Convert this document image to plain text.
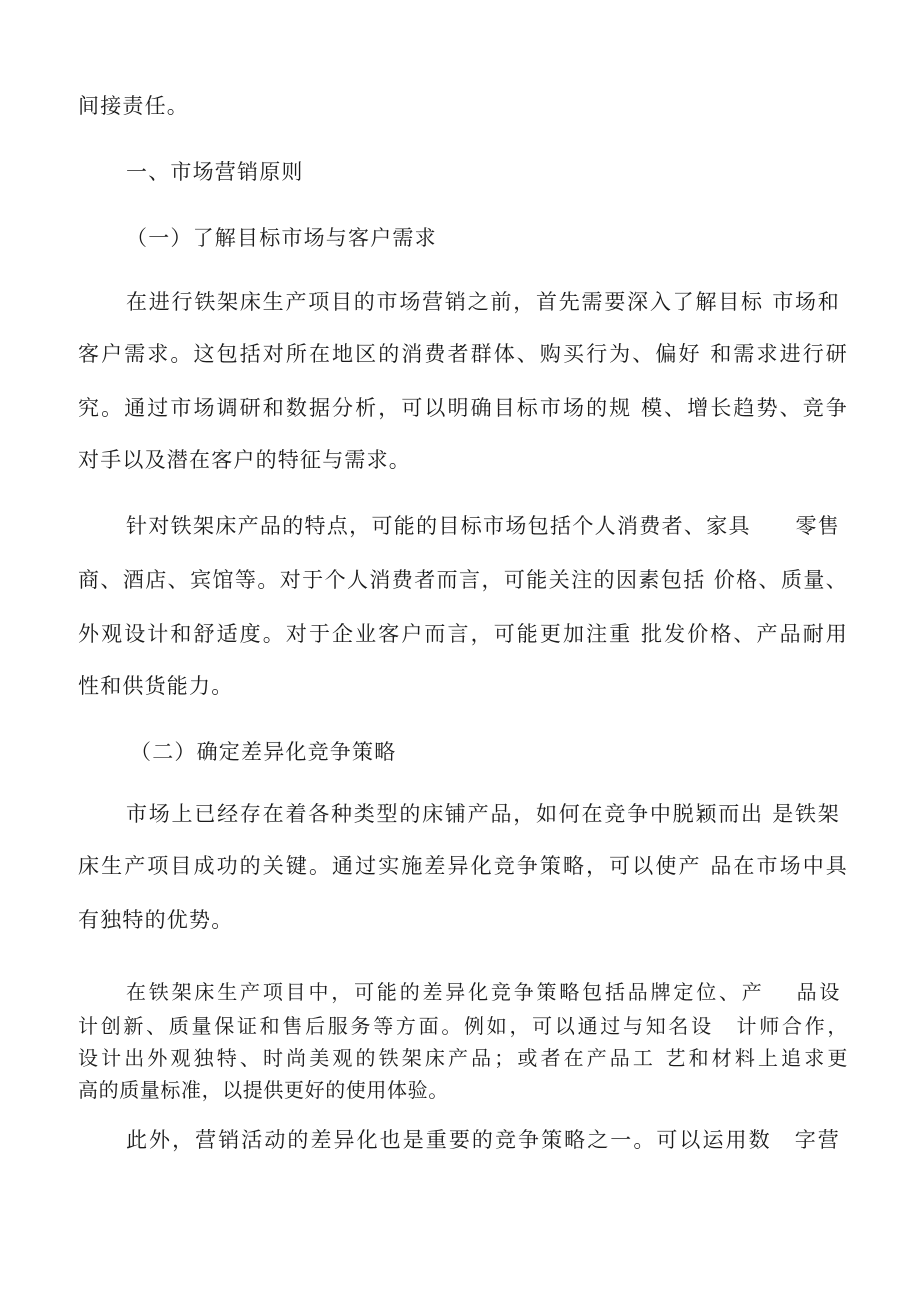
间接责任。
一、市场营销原则
（一）了解目标市场与客户需求
在进行铁架床生产项目的市场营销之前，首先需要深入了解目标 市场和
客户需求。这包括对所在地区的消费者群体、购买行为、偏好 和需求进行研
究。通过市场调研和数据分析，可以明确目标市场的规 模、增长趋势、竞争
对手以及潜在客户的特征与需求。
针对铁架床产品的特点，可能的目标市场包括个人消费者、家具　　零售
商、酒店、宾馆等。对于个人消费者而言，可能关注的因素包括 价格、质量、
外观设计和舒适度。对于企业客户而言，可能更加注重 批发价格、产品耐用
性和供货能力。
（二）确定差异化竞争策略
市场上已经存在着各种类型的床铺产品，如何在竞争中脱颖而出 是铁架
床生产项目成功的关键。通过实施差异化竞争策略，可以使产 品在市场中具
有独特的优势。
在铁架床生产项目中，可能的差异化竞争策略包括品牌定位、产　 品设
计创新、质量保证和售后服务等方面。例如，可以通过与知名设　计师合作，
设计出外观独特、时尚美观的铁架床产品；或者在产品工 艺和材料上追求更
高的质量标准，以提供更好的使用体验。
此外，营销活动的差异化也是重要的竞争策略之一。可以运用数　字营
